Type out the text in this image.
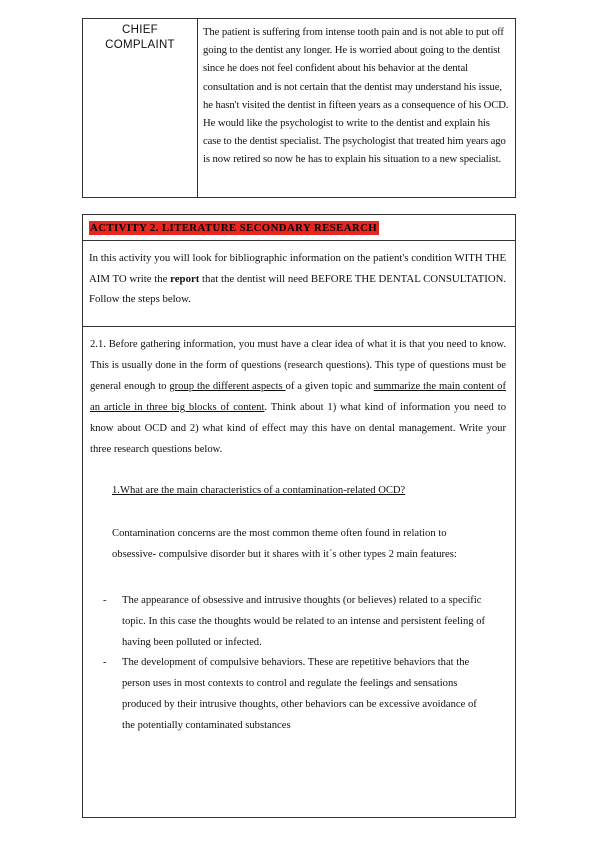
CHIEF
COMPLAINT

The patient is suffering from intense tooth pain and is not able to put off going to the dentist any longer. He is worried about going to the dentist since he does not feel confident about his behavior at the dental consultation and is not certain that the dentist may understand his issue, he hasn't visited the dentist in fifteen years as a consequence of his OCD.

He would like the psychologist to write to the dentist and explain his case to the dentist specialist. The psychologist that treated him years ago is now retired so now he has to explain his situation to a new specialist.

ACTIVITY 2. LITERATURE SECONDARY RESEARCH

In this activity you will look for bibliographic information on the patient's condition WITH THE AIM TO write the report that the dentist will need BEFORE THE DENTAL CONSULTATION. Follow the steps below.

2.1. Before gathering information, you must have a clear idea of what it is that you need to know. This is usually done in the form of questions (research questions). This type of questions must be general enough to group the different aspects of a given topic and summarize the main content of an article in three big blocks of content. Think about 1) what kind of information you need to know about OCD and 2) what kind of effect may this have on dental management. Write your three research questions below.

1.What are the main characteristics of a contamination-related OCD?

Contamination concerns are the most common theme often found in relation to obsessive- compulsive disorder but it shares with it´s other types 2 main features:

- The appearance of obsessive and intrusive thoughts (or believes) related to a specific topic. In this case the thoughts would be related to an intense and persistent feeling of having been polluted or infected.
- The development of compulsive behaviors. These are repetitive behaviors that the person uses in most contexts to control and regulate the feelings and sensations produced by their intrusive thoughts, other behaviors can be excessive avoidance of the potentially contaminated substances
